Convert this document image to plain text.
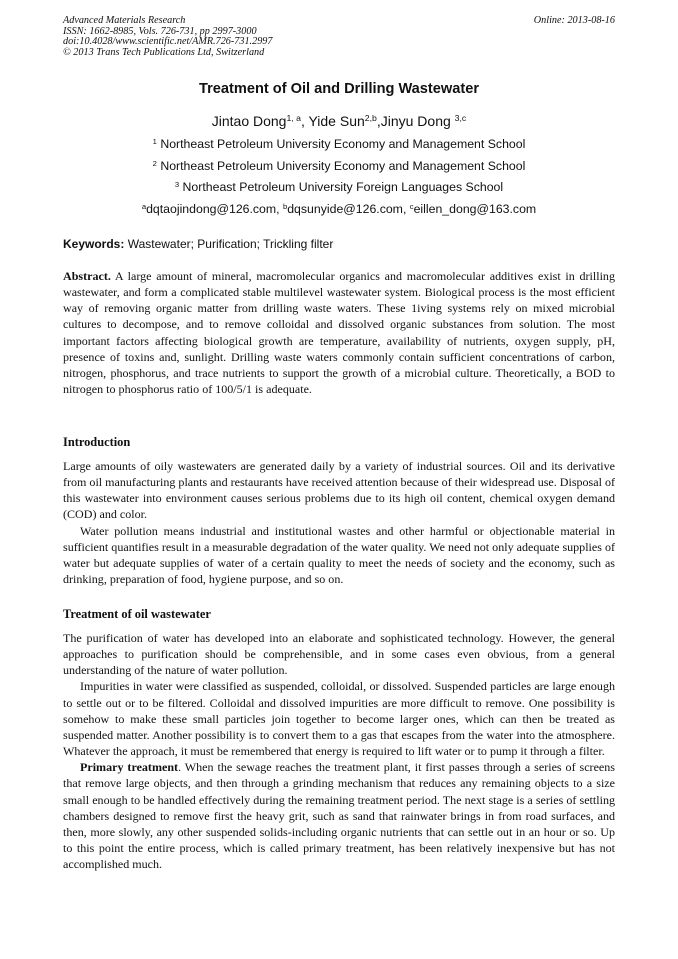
Advanced Materials Research
ISSN: 1662-8985, Vols. 726-731, pp 2997-3000
doi:10.4028/www.scientific.net/AMR.726-731.2997
© 2013 Trans Tech Publications Ltd, Switzerland
Online: 2013-08-16
Treatment of Oil and Drilling Wastewater
Jintao Dong$^{1, a}$, Yide Sun$^{2,b}$,Jinyu Dong $^{3,c}$
$^1$ Northeast Petroleum University Economy and Management School
$^2$ Northeast Petroleum University Economy and Management School
$^3$ Northeast Petroleum University Foreign Languages School
$^a$dqtaojindong@126.com, $^b$dqsunyide@126.com, $^c$eillen_dong@163.com
Keywords: Wastewater; Purification; Trickling filter

Abstract. A large amount of mineral, macromolecular organics and macromolecular additives exist in drilling wastewater, and form a complicated stable multilevel wastewater system. Biological process is the most efficient way of removing organic matter from drilling waste waters. These 1iving systems rely on mixed microbial cultures to decompose, and to remove colloidal and dissolved organic substances from solution. The most important factors affecting biological growth are temperature, availability of nutrients, oxygen supply, pH, presence of toxins and, sunlight. Drilling waste waters commonly contain sufficient concentrations of carbon, nitrogen, phosphorus, and trace nutrients to support the growth of a microbial culture. Theoretically, a BOD to nitrogen to phosphorus ratio of 100/5/1 is adequate.

Introduction

Large amounts of oily wastewaters are generated daily by a variety of industrial sources. Oil and its derivative from oil manufacturing plants and restaurants have received attention because of their widespread use. Disposal of this wastewater into environment causes serious problems due to its high oil content, chemical oxygen demand (COD) and color.

Water pollution means industrial and institutional wastes and other harmful or objectionable material in sufficient quantifies result in a measurable degradation of the water quality. We need not only adequate supplies of water but adequate supplies of water of a certain quality to meet the needs of society and the economy, such as drinking, preparation of food, hygiene purpose, and so on.

Treatment of oil wastewater

The purification of water has developed into an elaborate and sophisticated technology. However, the general approaches to purification should be comprehensible, and in some cases even obvious, from a general understanding of the nature of water pollution.

Impurities in water were classified as suspended, colloidal, or dissolved. Suspended particles are large enough to settle out or to be filtered. Colloidal and dissolved impurities are more difficult to remove. One possibility is somehow to make these small particles join together to become larger ones, which can then be treated as suspended matter. Another possibility is to convert them to a gas that escapes from the water into the atmosphere. Whatever the approach, it must be remembered that energy is required to lift water or to pump it through a filter.

Primary treatment. When the sewage reaches the treatment plant, it first passes through a series of screens that remove large objects, and then through a grinding mechanism that reduces any remaining objects to a size small enough to be handled effectively during the remaining treatment period. The next stage is a series of settling chambers designed to remove first the heavy grit, such as sand that rainwater brings in from road surfaces, and then, more slowly, any other suspended solids-including organic nutrients that can settle out in an hour or so. Up to this point the entire process, which is called primary treatment, has been relatively inexpensive but has not accomplished much.
